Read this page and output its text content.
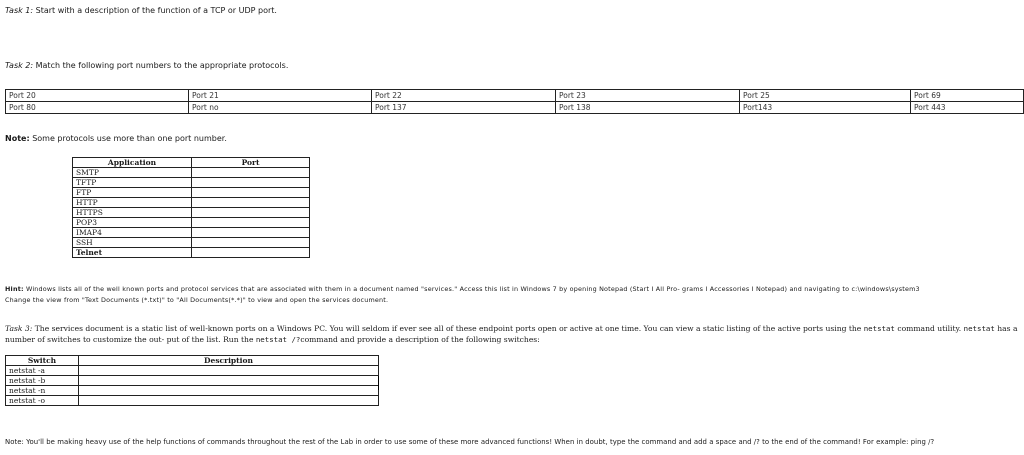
Task 1: Start with a description of the function of a TCP or UDP port.
Task 2: Match the following port numbers to the appropriate protocols.
Port 20	Port 21	Port 22	Port 23	Port 25	Port 69
Port 80	Port no	Port 137	Port 138	Port143	Port 443
Note: Some protocols use more than one port number.
Application	Port
SMTP	
TFTP	
FTP	
HTTP	
HTTPS	
POP3	
IMAP4	
SSH	
Telnet	
Hint: Windows lists all of the well known ports and protocol services that are associated with them in a document named "services." Access this list in Windows 7 by opening Notepad (Start I All Pro- grams I Accessories I Notepad) and navigating to c:\windows\system3
Change the view from "Text Documents (*.txt)" to "All Documents(*.*)" to view and open the services document.
Task 3: The services document is a static list of well-known ports on a Windows PC. You will seldom if ever see all of these endpoint ports open or active at one time. You can view a static listing of the active ports using the netstat command utility. netstat has a number of switches to customize the out- put of the list. Run the netstat /?command and provide a description of the following switches:
Switch	Description
netstat -a	
netstat -b	
netstat -n	
netstat -o	
Note: You'll be making heavy use of the help functions of commands throughout the rest of the Lab in order to use some of these more advanced functions! When in doubt, type the command and add a space and /? to the end of the command! For example: ping /?
